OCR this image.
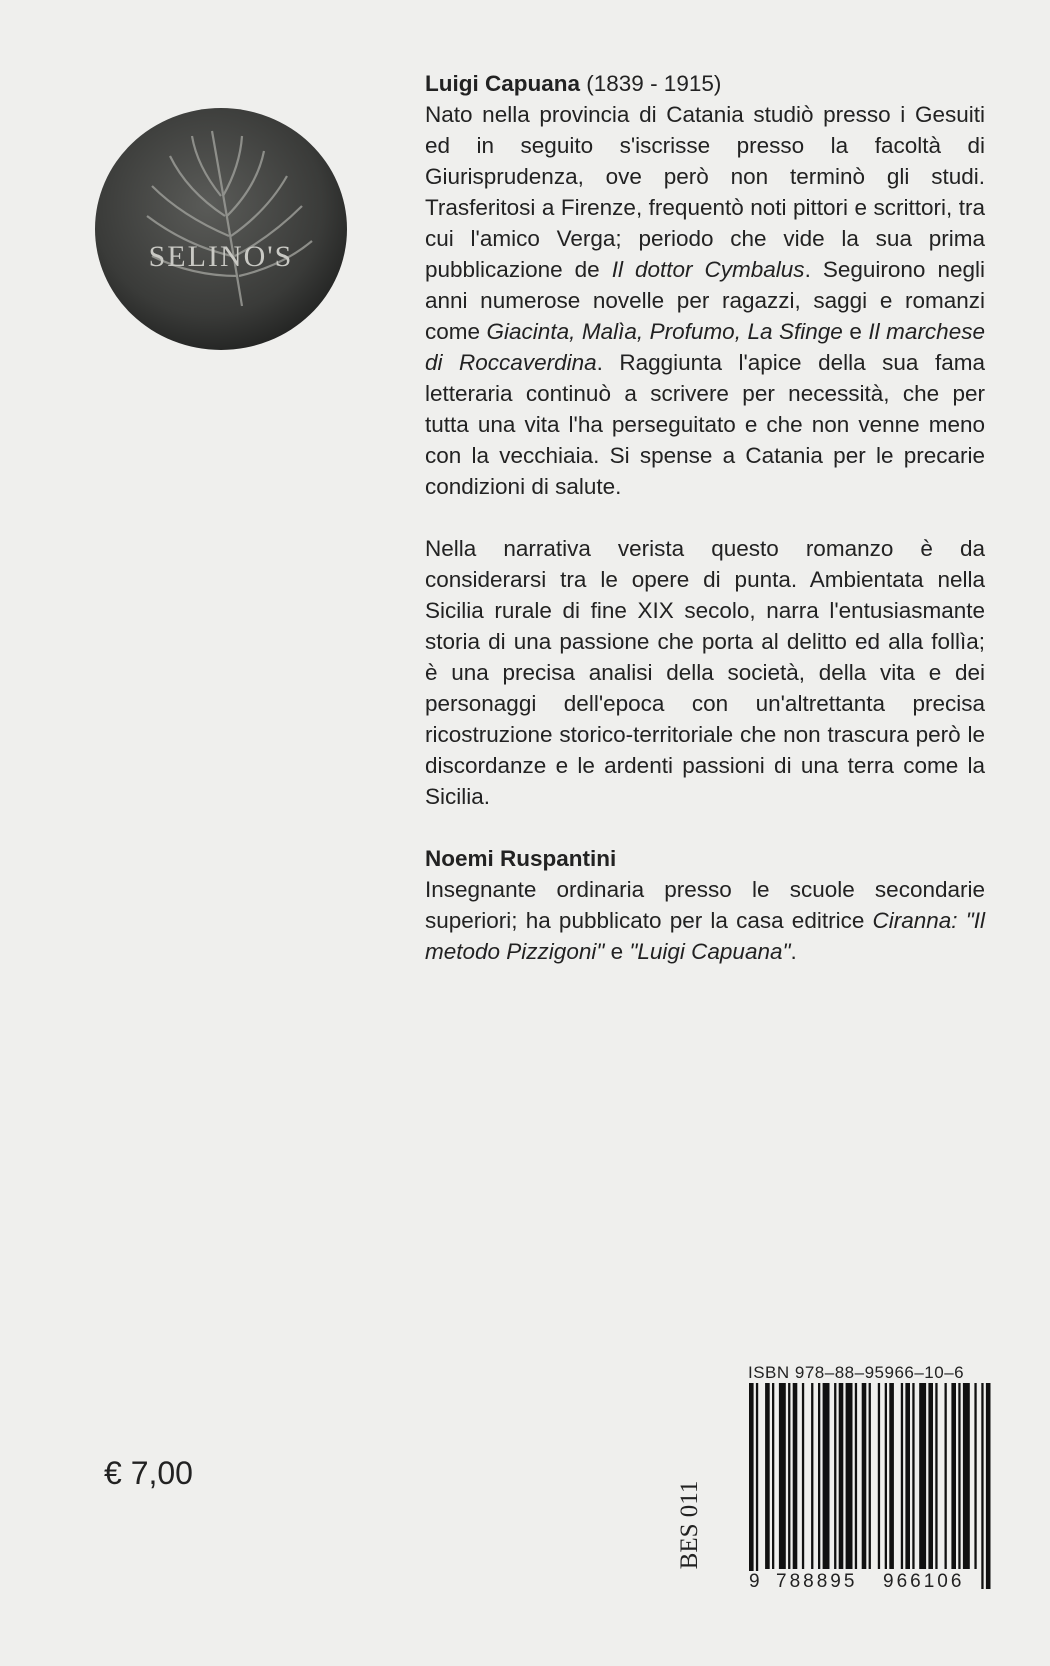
SELINO'S

Luigi Capuana (1839 - 1915)
Nato nella provincia di Catania studiò presso i Gesuiti ed in seguito s'iscrisse presso la facoltà di Giurisprudenza, ove però non terminò gli studi. Trasferitosi a Firenze, frequentò noti pittori e scrittori, tra cui l'amico Verga; periodo che vide la sua prima pubblicazione de Il dottor Cymbalus. Seguirono negli anni numerose novelle per ragazzi, saggi e romanzi come Giacinta, Malìa, Profumo, La Sfinge e Il marchese di Roccaverdina. Raggiunta l'apice della sua fama letteraria continuò a scrivere per necessità, che per tutta una vita l'ha perseguitato e che non venne meno con la vecchiaia. Si spense a Catania per le precarie condizioni di salute.

Nella narrativa verista questo romanzo è da considerarsi tra le opere di punta. Ambientata nella Sicilia rurale di fine XIX secolo, narra l'entusiasmante storia di una passione che porta al delitto ed alla follìa; è una precisa analisi della società, della vita e dei personaggi dell'epoca con un'altrettanta precisa ricostruzione storico-territoriale che non trascura però le discordanze e le ardenti passioni di una terra come la Sicilia.

Noemi Ruspantini
Insegnante ordinaria presso le scuole secondarie superiori; ha pubblicato per la casa editrice Ciranna: "Il metodo Pizzigoni" e "Luigi Capuana".

€ 7,00
BES 011
ISBN 978–88–95966–10–6
9 788895 966106
